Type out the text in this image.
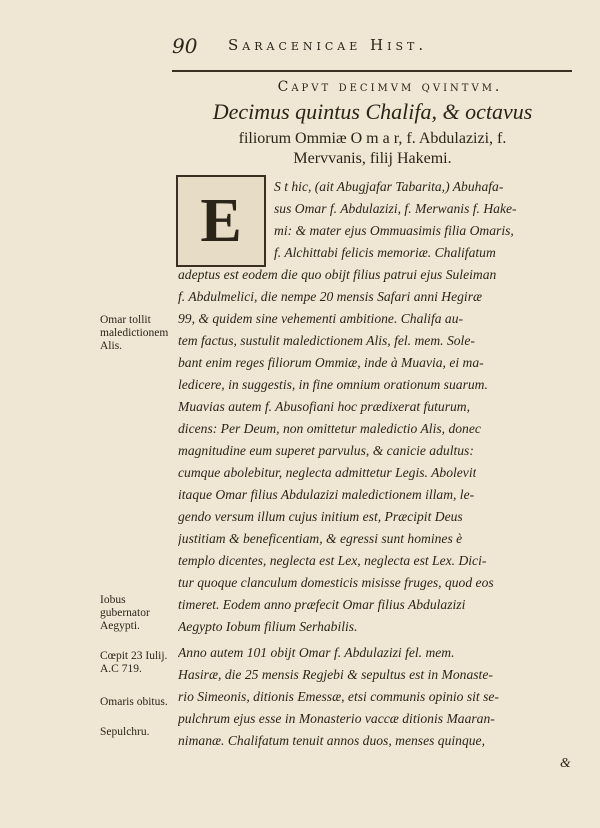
90 Saracenicae Hist.
Capvt decimvm qvintvm.
Decimus quintus Chalifa, & octavus
filiorum Ommiæ O m a r, f. Abdulazizi, f.
Mervvanis, filij Hakemi.
E S t hic, (ait Abugjafar Tabarita,) Abuhafa-
sus Omar f. Abdulazizi, f. Merwanis f. Hake-
mi: & mater ejus Ommuasimis filia Omaris,
f. Alchittabi felicis memoriæ. Chalifatum
adeptus est eodem die quo obijt filius patrui ejus Suleiman
f. Abdulmelici, die nempe 20 mensis Safari anni Hegiræ
99, & quidem sine vehementi ambitione. Chalifa au-
tem factus, sustulit maledictionem Alis, fel. mem. Sole-
bant enim reges filiorum Ommiæ, inde à Muavia, ei ma-
ledicere, in suggestis, in fine omnium orationum suarum.
Muavias autem f. Abusofiani hoc prædixerat futurum,
dicens: Per Deum, non omittetur maledictio Alis, donec
magnitudine eum superet parvulus, & canicie adultus:
cumque abolebitur, neglecta admittetur Legis. Abolevit
itaque Omar filius Abdulazizi maledictionem illam, le-
gendo versum illum cujus initium est, Præcipit Deus
justitiam & beneficentiam, & egressi sunt homines è
templo dicentes, neglecta est Lex, neglecta est Lex. Dici-
tur quoque clanculum domesticis misisse fruges, quod eos
timeret. Eodem anno præfecit Omar filius Abdulazizi
Aegypto Iobum filium Serhabilis.
Anno autem 101 obijt Omar f. Abdulazizi fel. mem.
Hasiræ, die 25 mensis Regjebi & sepultus est in Monaste-
rio Simeonis, ditionis Emessæ, etsi communis opinio sit se-
pulchrum ejus esse in Monasterio vaccæ ditionis Maaran-
nimanæ. Chalifatum tenuit annos duos, menses quinque,
&
Omar tollit maledictionem Alis.
Iobus gubernator Aegypti.
Cœpit 23 Iulij. A.C 719.
Omaris obitus.
Sepulchru.
